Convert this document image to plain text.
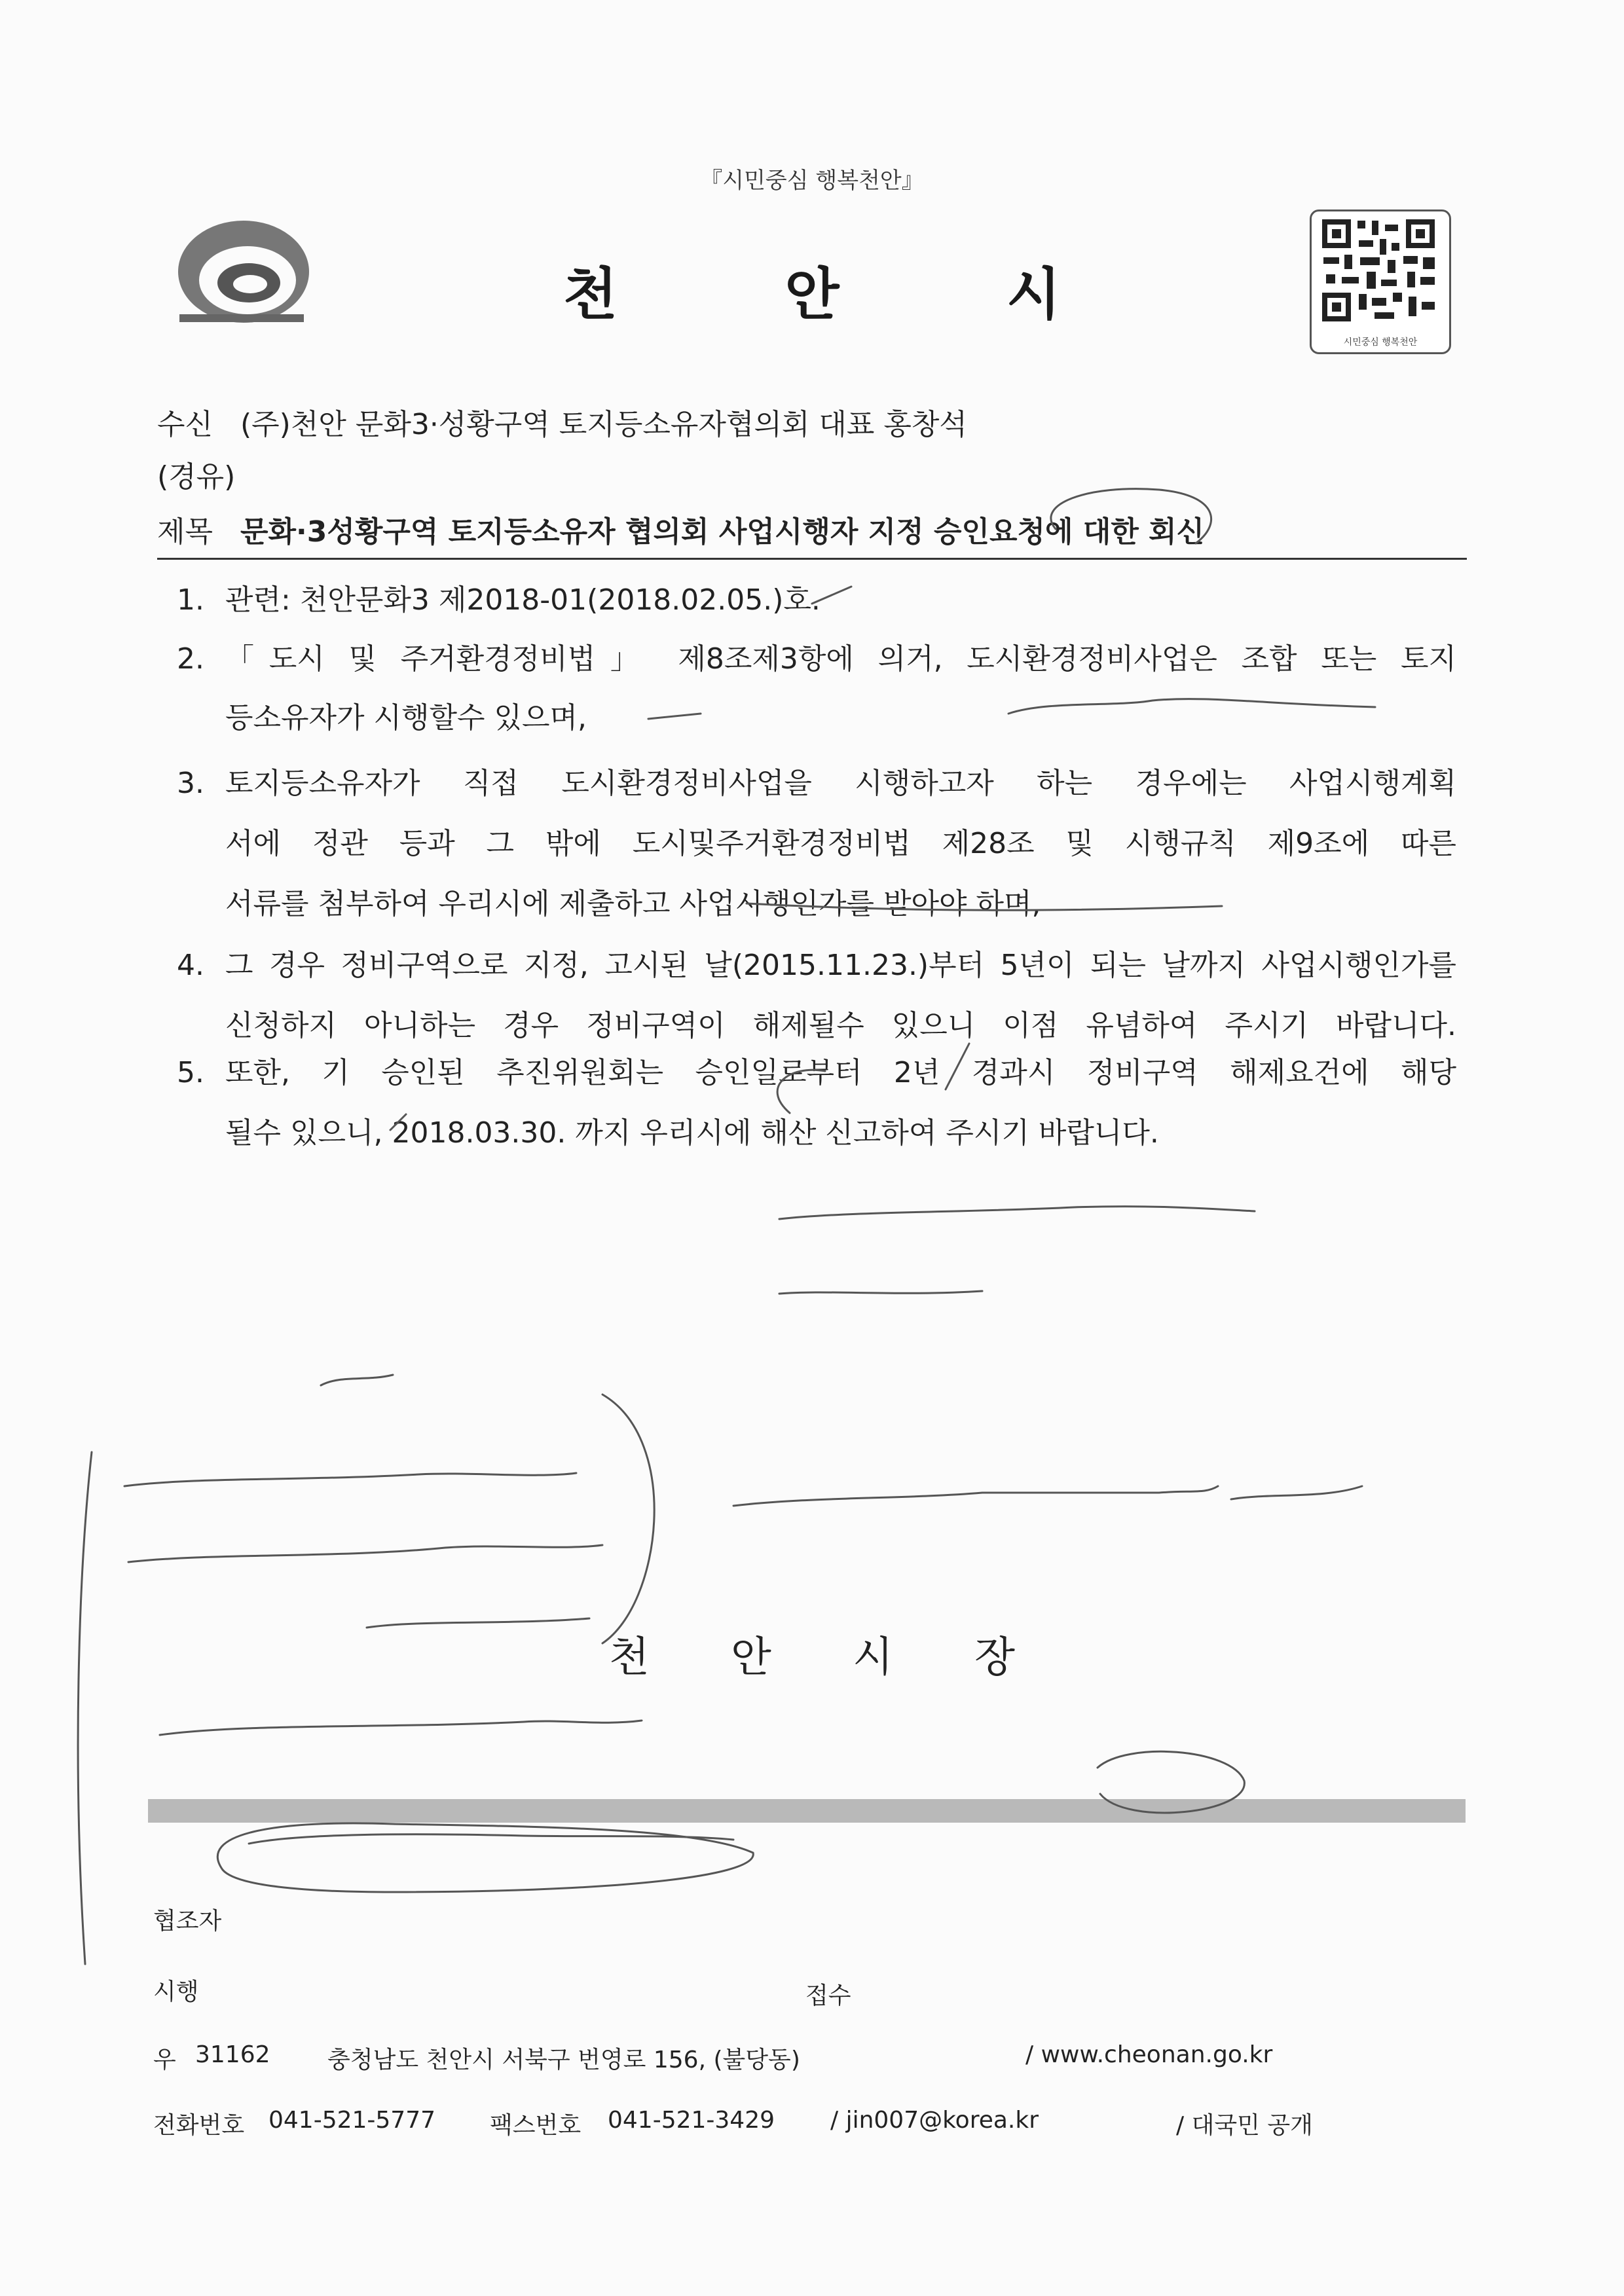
『시민중심 행복천안』
천	안	시
시민중심 행복천안
수신 (주)천안 문화3·성황구역 토지등소유자협의회 대표 홍창석
(경유)
제목 문화·3성황구역 토지등소유자 협의회 사업시행자 지정 승인요청에 대한 회신
1. 관련: 천안문화3 제2018-01(2018.02.05.)호.
2. 「도시 및 주거환경정비법」 제8조제3항에 의거, 도시환경정비사업은 조합 또는 토지
등소유자가 시행할수 있으며,
3. 토지등소유자가 직접 도시환경정비사업을 시행하고자 하는 경우에는 사업시행계획
서에 정관 등과 그 밖에 도시및주거환경정비법 제28조 및 시행규칙 제9조에 따른
서류를 첨부하여 우리시에 제출하고 사업시행인가를 받아야 하며,
4. 그 경우 정비구역으로 지정, 고시된 날(2015.11.23.)부터 5년이 되는 날까지 사업시행인가를
신청하지 아니하는 경우 정비구역이 해제될수 있으니 이점 유념하여 주시기 바랍니다.
5. 또한, 기 승인된 추진위원회는 승인일로부터 2년 경과시 정비구역 해제요건에 해당
될수 있으니, 2018.03.30. 까지 우리시에 해산 신고하여 주시기 바랍니다.
천 안 시 장
협조자
시행	접수
우 31162 충청남도 천안시 서북구 번영로 156, (불당동)	/ www.cheonan.go.kr
전화번호 041-521-5777 팩스번호 041-521-3429 / jin007@korea.kr	/ 대국민 공개
